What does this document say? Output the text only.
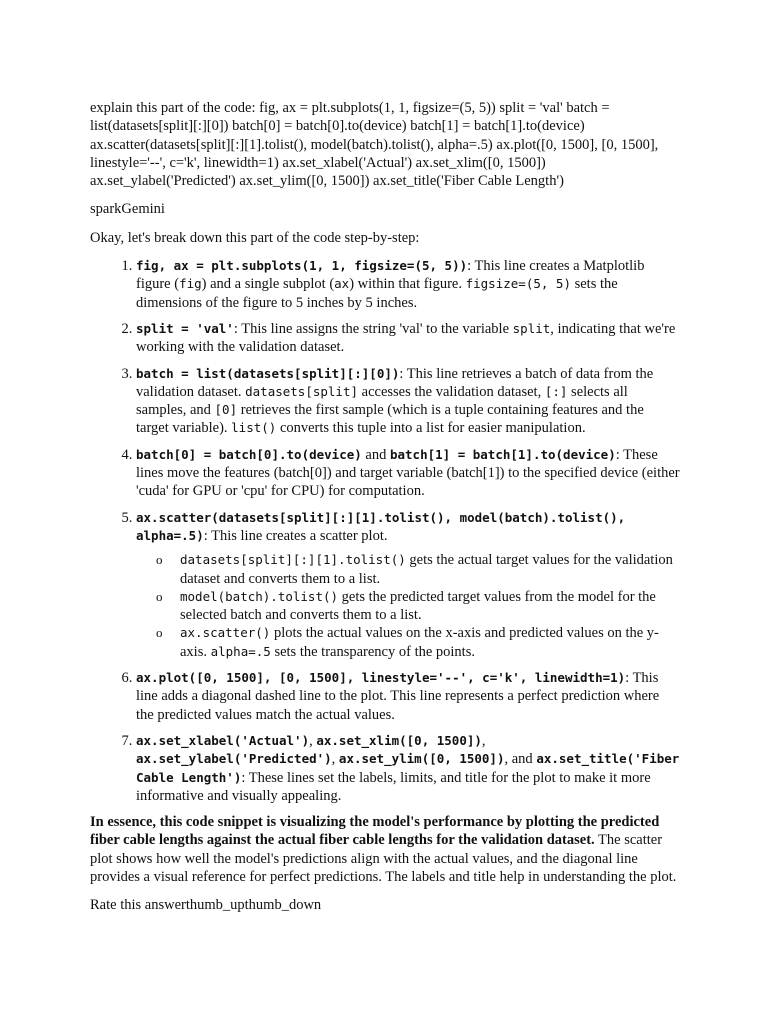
explain this part of the code: fig, ax = plt.subplots(1, 1, figsize=(5, 5)) split = 'val' batch = list(datasets[split][:][0]) batch[0] = batch[0].to(device) batch[1] = batch[1].to(device) ax.scatter(datasets[split][:][1].tolist(), model(batch).tolist(), alpha=.5) ax.plot([0, 1500], [0, 1500], linestyle='--', c='k', linewidth=1) ax.set_xlabel('Actual') ax.set_xlim([0, 1500]) ax.set_ylabel('Predicted') ax.set_ylim([0, 1500]) ax.set_title('Fiber Cable Length')

sparkGemini

Okay, let's break down this part of the code step-by-step:

1. fig, ax = plt.subplots(1, 1, figsize=(5, 5)): This line creates a Matplotlib figure (fig) and a single subplot (ax) within that figure. figsize=(5, 5) sets the dimensions of the figure to 5 inches by 5 inches.
2. split = 'val': This line assigns the string 'val' to the variable split, indicating that we're working with the validation dataset.
3. batch = list(datasets[split][:][0]): This line retrieves a batch of data from the validation dataset. datasets[split] accesses the validation dataset, [:] selects all samples, and [0] retrieves the first sample (which is a tuple containing features and the target variable). list() converts this tuple into a list for easier manipulation.
4. batch[0] = batch[0].to(device) and batch[1] = batch[1].to(device): These lines move the features (batch[0]) and target variable (batch[1]) to the specified device (either 'cuda' for GPU or 'cpu' for CPU) for computation.
5. ax.scatter(datasets[split][:][1].tolist(), model(batch).tolist(), alpha=.5): This line creates a scatter plot.
o datasets[split][:][1].tolist() gets the actual target values for the validation dataset and converts them to a list.
o model(batch).tolist() gets the predicted target values from the model for the selected batch and converts them to a list.
o ax.scatter() plots the actual values on the x-axis and predicted values on the y-axis. alpha=.5 sets the transparency of the points.
6. ax.plot([0, 1500], [0, 1500], linestyle='--', c='k', linewidth=1): This line adds a diagonal dashed line to the plot. This line represents a perfect prediction where the predicted values match the actual values.
7. ax.set_xlabel('Actual'), ax.set_xlim([0, 1500]), ax.set_ylabel('Predicted'), ax.set_ylim([0, 1500]), and ax.set_title('Fiber Cable Length'): These lines set the labels, limits, and title for the plot to make it more informative and visually appealing.

In essence, this code snippet is visualizing the model's performance by plotting the predicted fiber cable lengths against the actual fiber cable lengths for the validation dataset. The scatter plot shows how well the model's predictions align with the actual values, and the diagonal line provides a visual reference for perfect predictions. The labels and title help in understanding the plot.

Rate this answerthumb_upthumb_down
